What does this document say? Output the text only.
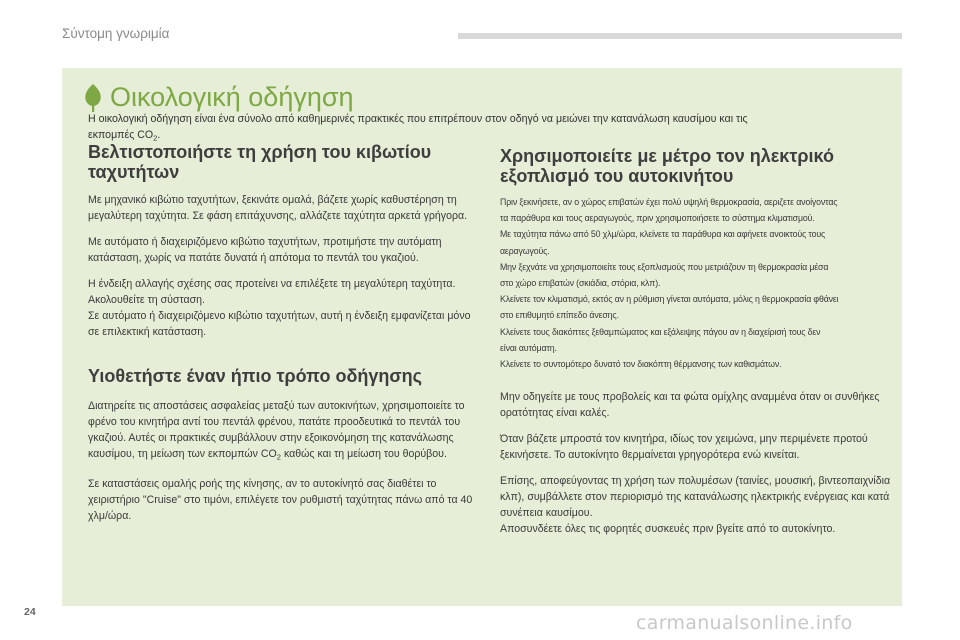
Σύντομη γνωριμία
Οικολογική οδήγηση
Η οικολογική οδήγηση είναι ένα σύνολο από καθημερινές πρακτικές που επιτρέπουν στον οδηγό να μειώνει την κατανάλωση καυσίμου και τις
εκπομπές $CO_2$.
Βελτιστοποιήστε τη χρήση του κιβωτίου
ταχυτήτων

Με μηχανικό κιβώτιο ταχυτήτων, ξεκινάτε ομαλά, βάζετε χωρίς καθυστέρηση τη μεγαλύτερη ταχύτητα. Σε φάση επιτάχυνσης, αλλάζετε ταχύτητα αρκετά γρήγορα.

Με αυτόματο ή διαχειριζόμενο κιβώτιο ταχυτήτων, προτιμήστε την αυτόματη κατάσταση, χωρίς να πατάτε δυνατά ή απότομα το πεντάλ του γκαζιού.

Η ένδειξη αλλαγής σχέσης σας προτείνει να επιλέξετε τη μεγαλύτερη ταχύτητα. Ακολουθείτε τη σύσταση.
Σε αυτόματο ή διαχειριζόμενο κιβώτιο ταχυτήτων, αυτή η ένδειξη εμφανίζεται μόνο σε επιλεκτική κατάσταση.

Υιοθετήστε έναν ήπιο τρόπο οδήγησης

Διατηρείτε τις αποστάσεις ασφαλείας μεταξύ των αυτοκινήτων, χρησιμοποιείτε το φρένο του κινητήρα αντί του πεντάλ φρένου, πατάτε προοδευτικά το πεντάλ του γκαζιού. Αυτές οι πρακτικές συμβάλλουν στην εξοικονόμηση της κατανάλωσης καυσίμου, τη μείωση των εκπομπών $CO_2$ καθώς και τη μείωση του θορύβου.

Σε καταστάσεις ομαλής ροής της κίνησης, αν το αυτοκίνητό σας διαθέτει το χειριστήριο "Cruise" στο τιμόνι, επιλέγετε τον ρυθμιστή ταχύτητας πάνω από τα 40 χλμ/ώρα.

Χρησιμοποιείτε με μέτρο τον ηλεκτρικό
εξοπλισμό του αυτοκινήτου

Πριν ξεκινήσετε, αν ο χώρος επιβατών έχει πολύ υψηλή θερμοκρασία, αεριζετε ανοίγοντας

τα παράθυρα και τους αεραγωγούς, πριν χρησιμοποιήσετε το σύστημα κλιματισμού.

Με ταχύτητα πάνω από 50 χλμ/ώρα, κλείνετε τα παράθυρα και αφήνετε ανοικτούς τους

αεραγωγούς.

Μην ξεχνάτε να χρησιμοποιείτε τους εξοπλισμούς που μετριάζουν τη θερμοκρασία μέσα

στο χώρο επιβατών (σκιάδια, στόρια, κλπ).

Κλείνετε τον κλιματισμό, εκτός αν η ρύθμιση γίνεται αυτόματα, μόλις η θερμοκρασία φθάνει

στο επιθυμητό επίπεδο άνεσης.

Κλείνετε τους διακόπτες ξεθαμπώματος και εξάλειψης πάγου αν η διαχείρισή τους δεν

είναι αυτόματη.

Κλείνετε το συντομότερο δυνατό τον διακόπτη θέρμανσης των καθισμάτων.

Μην οδηγείτε με τους προβολείς και τα φώτα ομίχλης αναμμένα όταν οι συνθήκες ορατότητας είναι καλές.

Όταν βάζετε μπροστά τον κινητήρα, ιδίως τον χειμώνα, μην περιμένετε προτού ξεκινήσετε. Το αυτοκίνητο θερμαίνεται γρηγορότερα ενώ κινείται.

Επίσης, αποφεύγοντας τη χρήση των πολυμέσων (ταινίες, μουσική, βιντεοπαιχνίδια κλπ), συμβάλλετε στον περιορισμό της κατανάλωσης ηλεκτρικής ενέργειας και κατά συνέπεια καυσίμου.
Αποσυνδέετε όλες τις φορητές συσκευές πριν βγείτε από το αυτοκίνητο.

24	carmanualsonline.info
